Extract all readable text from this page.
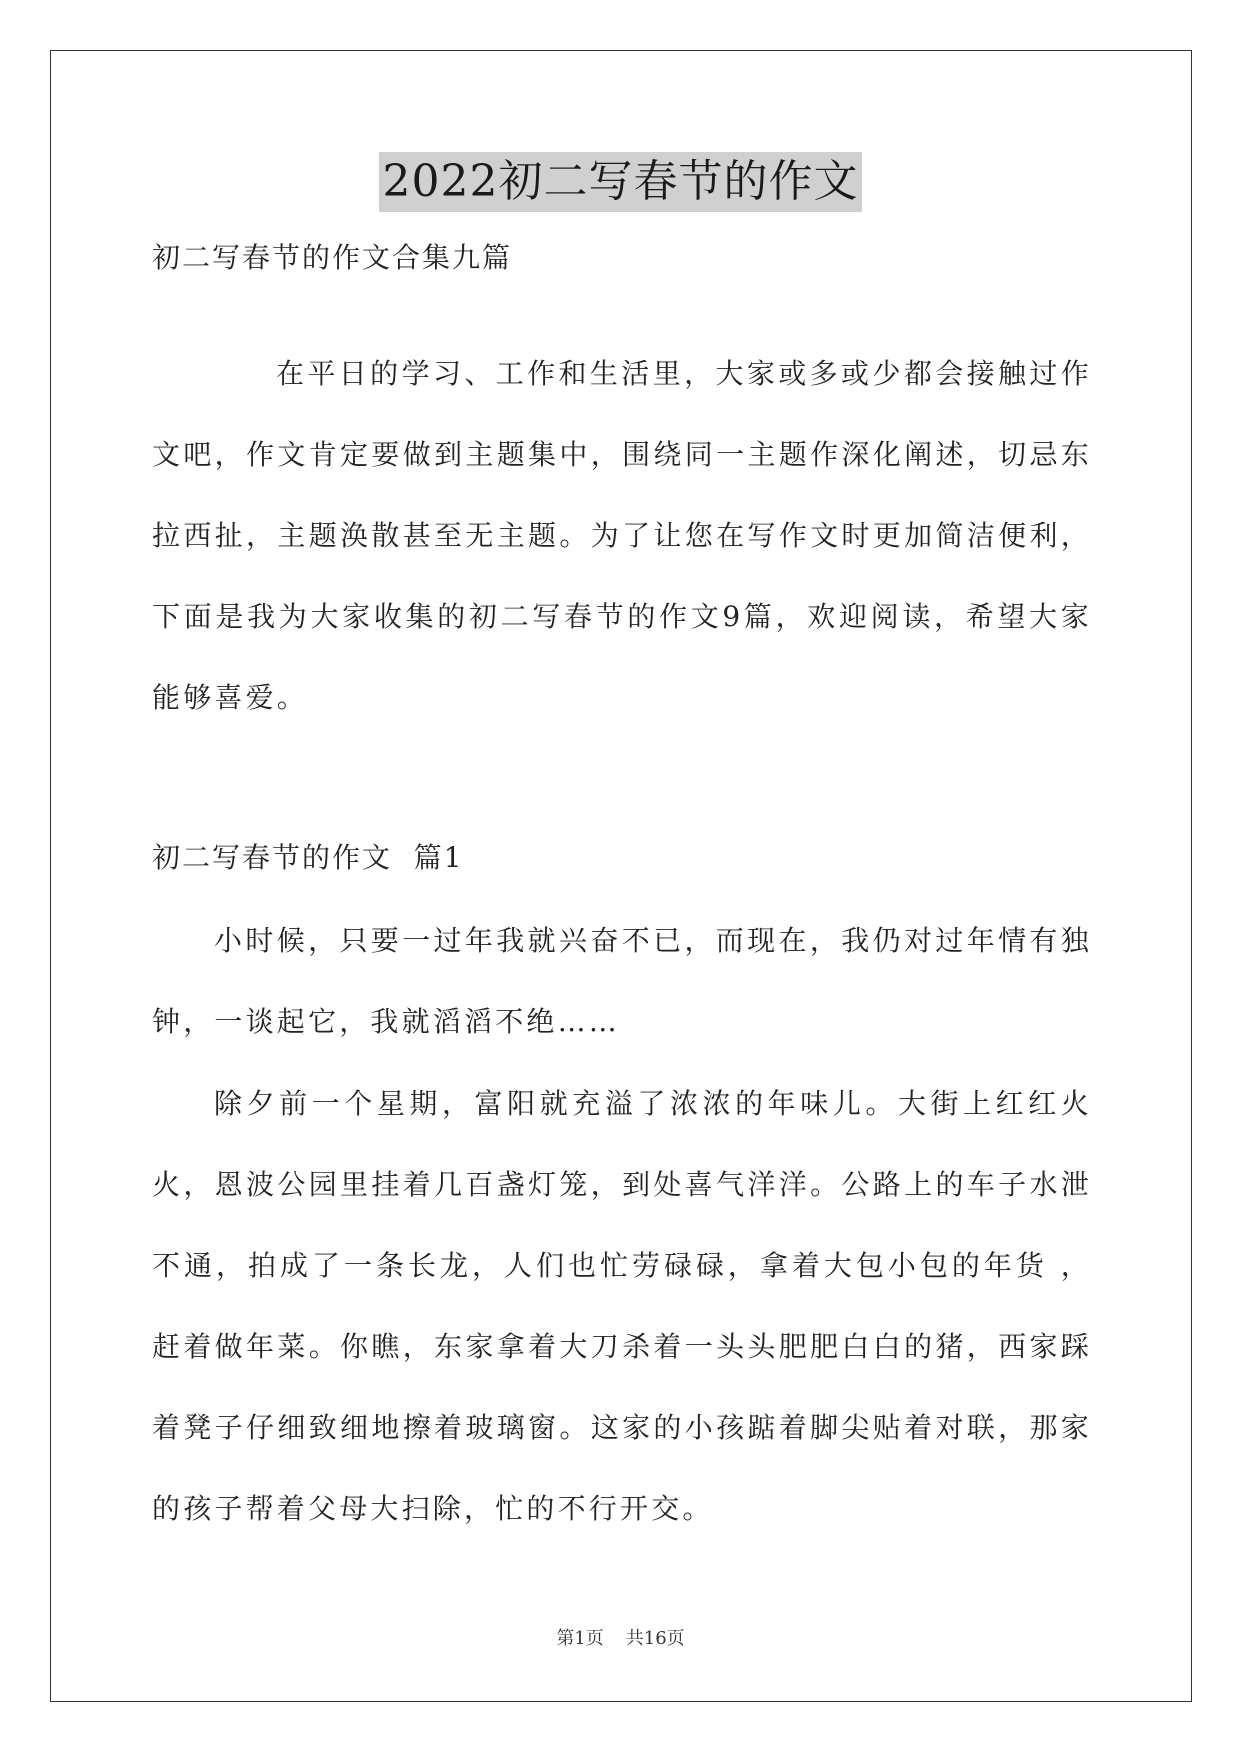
2022初二写春节的作文
初二写春节的作文合集九篇

在平日的学习、工作和生活里，大家或多或少都会接触过作文吧，作文肯定要做到主题集中，围绕同一主题作深化阐述，切忌东拉西扯，主题涣散甚至无主题。为了让您在写作文时更加简洁便利，下面是我为大家收集的初二写春节的作文9篇，欢迎阅读，希望大家能够喜爱。

初二写春节的作文  篇1

小时候，只要一过年我就兴奋不已，而现在，我仍对过年情有独钟，一谈起它，我就滔滔不绝……

除夕前一个星期，富阳就充溢了浓浓的年味儿。大街上红红火火，恩波公园里挂着几百盏灯笼，到处喜气洋洋。公路上的车子水泄不通，拍成了一条长龙，人们也忙劳碌碌，拿着大包小包的年货 ，赶着做年菜。你瞧，东家拿着大刀杀着一头头肥肥白白的猪，西家踩着凳子仔细致细地擦着玻璃窗。这家的小孩踮着脚尖贴着对联，那家的孩子帮着父母大扫除，忙的不行开交。

第1页 共16页
